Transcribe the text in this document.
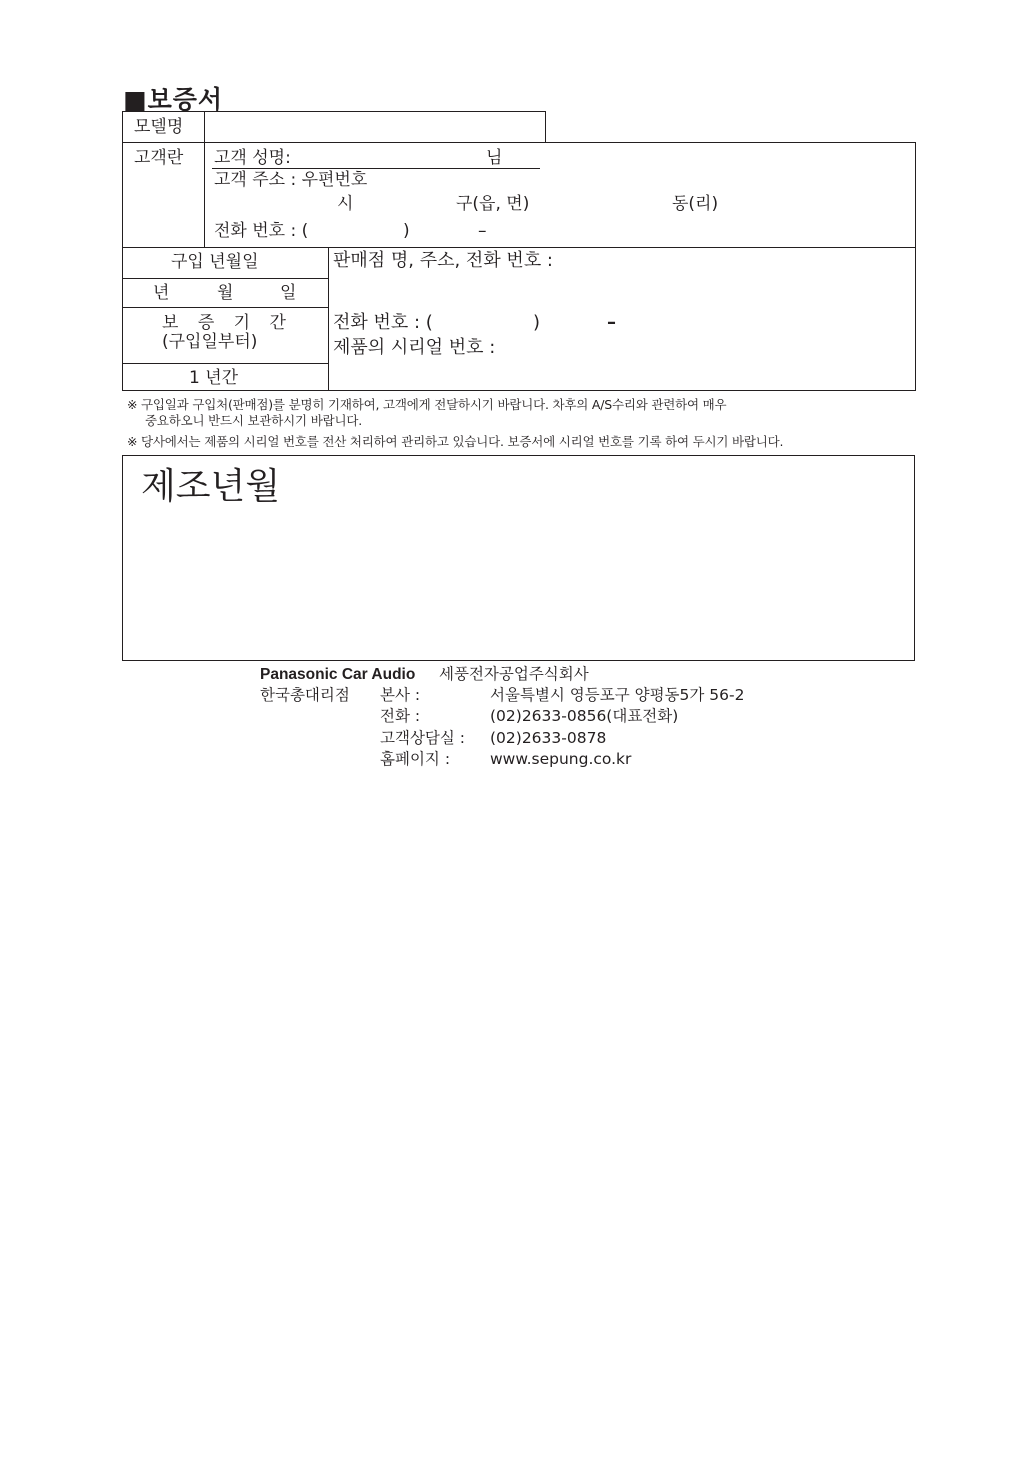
■보증서
모델명
고객란 고객 성명:	님
고객 주소 : 우편번호
시	구(읍, 면)	동(리)
전화 번호 : (	)	–
구입 년월일
년	월	일
보 증 기 간
(구입일부터)
1 년간
판매점 명, 주소, 전화 번호 :
전화 번호 : (	)	–
제품의 시리얼 번호 :
※ 구입일과 구입처(판매점)를 분명히 기재하여, 고객에게 전달하시기 바랍니다. 차후의 A/S수리와 관련하여 매우
중요하오니 반드시 보관하시기 바랍니다.
※ 당사에서는 제품의 시리얼 번호를 전산 처리하여 관리하고 있습니다. 보증서에 시리얼 번호를 기록 하여 두시기 바랍니다.
제조년월
Panasonic Car Audio 세풍전자공업주식회사
한국총대리점 본사 :	서울특별시 영등포구 양평동5가 56-2
전화 :	(02)2633-0856(대표전화)
고객상담실 : (02)2633-0878
홈페이지 :	www.sepung.co.kr
